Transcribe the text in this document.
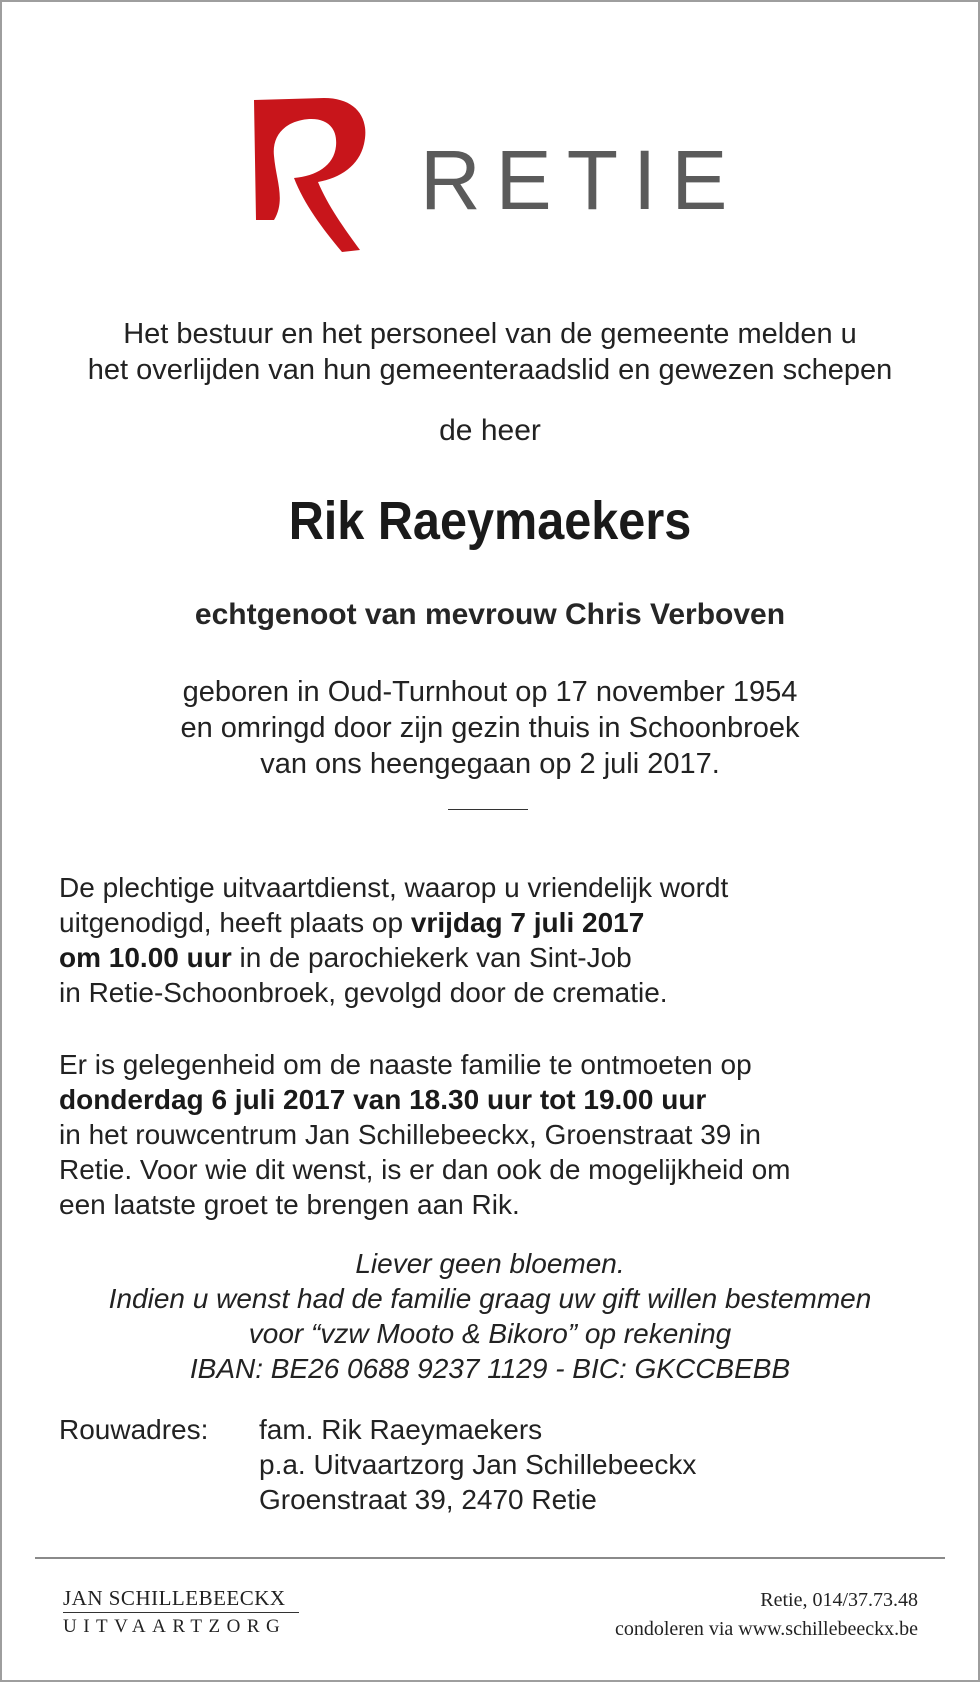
RETIE
Het bestuur en het personeel van de gemeente melden u
het overlijden van hun gemeenteraadslid en gewezen schepen
de heer
Rik Raeymaekers
echtgenoot van mevrouw Chris Verboven
geboren in Oud-Turnhout op 17 november 1954
en omringd door zijn gezin thuis in Schoonbroek
van ons heengegaan op 2 juli 2017.
De plechtige uitvaartdienst, waarop u vriendelijk wordt
uitgenodigd, heeft plaats op vrijdag 7 juli 2017
om 10.00 uur in de parochiekerk van Sint-Job
in Retie-Schoonbroek, gevolgd door de crematie.
Er is gelegenheid om de naaste familie te ontmoeten op
donderdag 6 juli 2017 van 18.30 uur tot 19.00 uur
in het rouwcentrum Jan Schillebeeckx, Groenstraat 39 in
Retie. Voor wie dit wenst, is er dan ook de mogelijkheid om
een laatste groet te brengen aan Rik.
Liever geen bloemen.
Indien u wenst had de familie graag uw gift willen bestemmen
voor “vzw Mooto & Bikoro” op rekening
IBAN: BE26 0688 9237 1129 - BIC: GKCCBEBB
Rouwadres: fam. Rik Raeymaekers
p.a. Uitvaartzorg Jan Schillebeeckx
Groenstraat 39, 2470 Retie
JAN SCHILLEBEECKX
UITVAARTZORG
Retie, 014/37.73.48
condoleren via www.schillebeeckx.be
